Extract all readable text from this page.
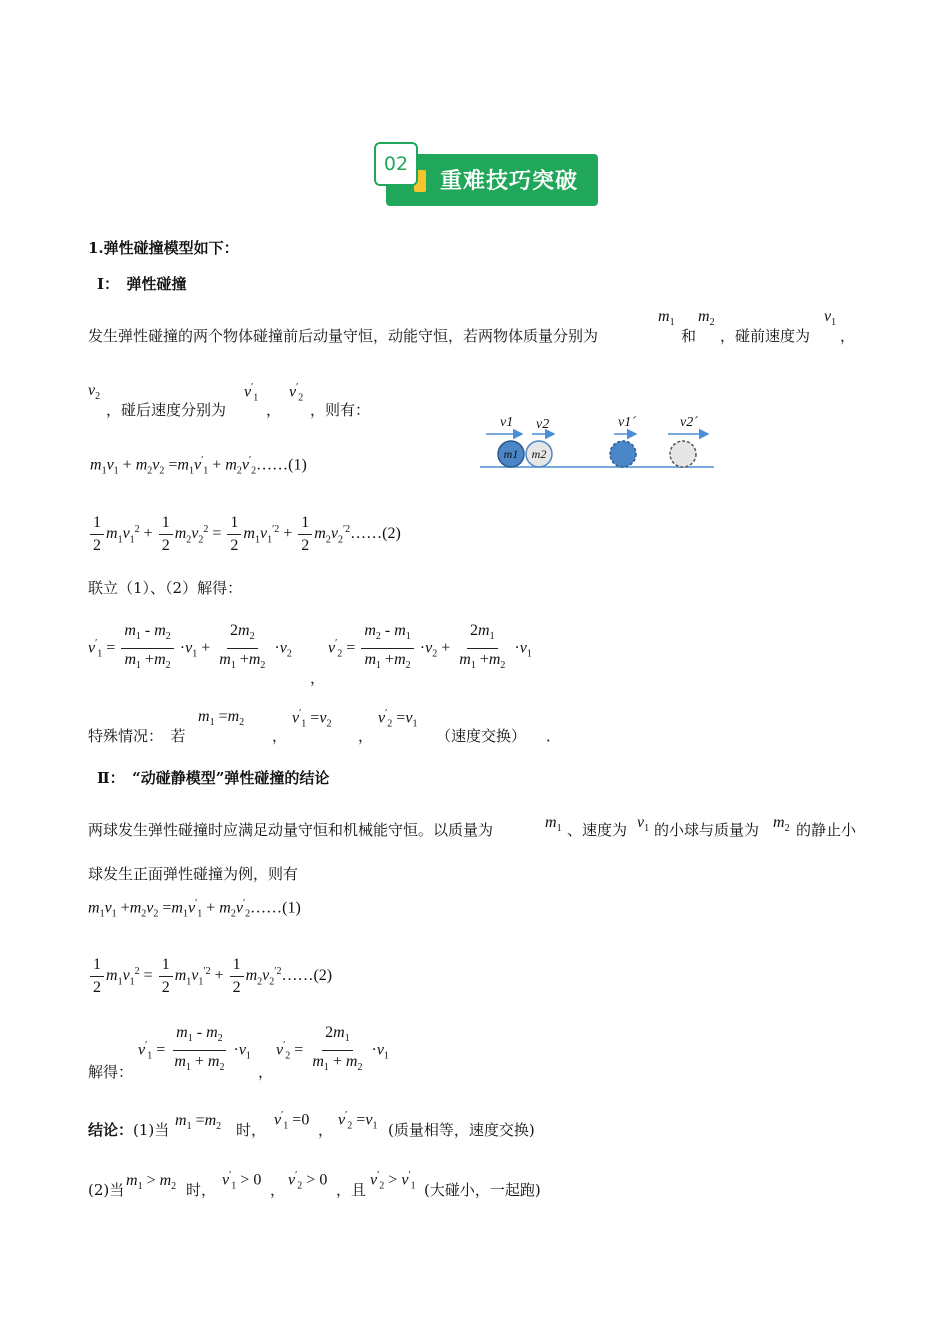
02
重难技巧突破
1.弹性碰撞模型如下：
Ⅰ：　弹性碰撞
发生弹性碰撞的两个物体碰撞前后动量守恒，动能守恒，若两物体质量分别为
$m_1$
和
$m_2$
，碰前速度为
$v_1$
，
$v_2$
，碰后速度分别为
$v'_1$
，
$v'_2$
，则有：
$m_1v_1 + m_2v_2 =m_1v'_1$ + $m_2v'_2\dots\dots(1)$
$\frac{1}{2} m_1v_1^2 + \frac{1}{2} m_2v_2^2 = \frac{1}{2} m_1v_1^{'2} + \frac{1}{2}$ $m_2v_2^{'2}\dots\dots(2)$
联立（1）、（2）解得：
$v'_1 = \frac{m_1 - m_2}{m_1 +m_2} \cdot v_1 + \frac{2m_2}{m_1 +m_2} \cdot v_2$
，
$v'_2 = \frac{m_2 - m_1}{m_1 +m_2} \cdot v_2 + \frac{2m_1}{m_1 +m_2} \cdot v_1$
特殊情况：　若
$m_1 =m_2$
，
$v'_1 =v_2$
，
$v'_2 =v_1$
（速度交换） ．
v1 v2	v1´	v2´
m1 m2
Ⅱ：　“动碰静模型”弹性碰撞的结论
两球发生弹性碰撞时应满足动量守恒和机械能守恒。以质量为	$m_1$ 、速度为 $v_1$ 的小球与质量为 $m_2$ 的静止小
球发生正面弹性碰撞为例，则有
$m_1v_1 +m_2v_2 =m_1v'_1$ + $m_2v'_2\dots\dots(1)$
$\frac{1}{2} m_1v_1^2 = \frac{1}{2} m_1v_1^{'2} + \frac{1}{2}$ $m_2v_2^{'2}\dots\dots(2)$
解得：
$v'_1 = \frac{m_1 - m_2}{m_1 + m_2} \cdot v_1$
，
$v'_2 = \frac{2m_1}{m_1 + m_2} \cdot v_1$
结论：(1)当
$m_1 =m_2$ 时，
$v'_1 =0$
，
$v'_2 =v_1$ (质量相等，速度交换)
(2)当
$m_1 > m_2$ 时，
$v'_1 > 0$
，
$v'_2 > 0$
，且
$v'_2 > v'_1$ (大碰小，一起跑)
